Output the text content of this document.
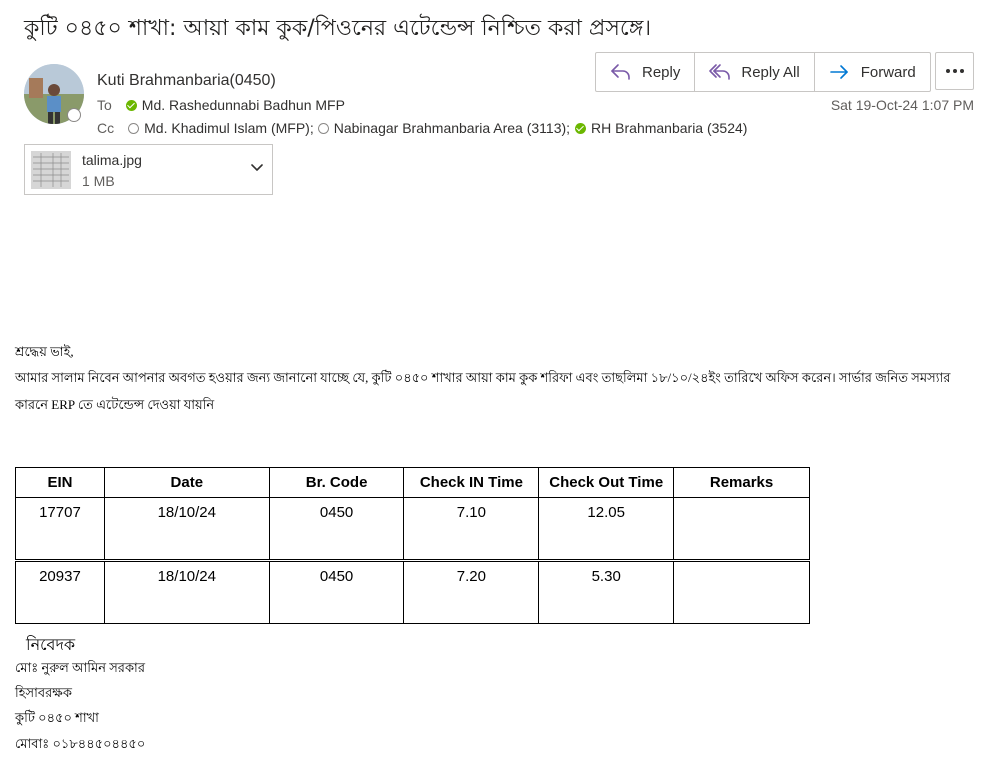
কুটি ০৪৫০ শাখা: আয়া কাম কুক/পিওনের এটেন্ডেন্স নিশ্চিত করা প্রসঙ্গে।
Kuti Brahmanbaria(0450)
To Md. Rashedunnabi Badhun MFP
Cc Md. Khadimul Islam (MFP); Nabinagar Brahmanbaria Area (3113); RH Brahmanbaria (3524)
Reply	Reply All	Forward
Sat 19-Oct-24 1:07 PM
talima.jpg
1 MB
শ্রদ্ধেয় ভাই,
আমার সালাম নিবেন আপনার অবগত হওয়ার জন্য জানানো যাচ্ছে যে, কুটি ০৪৫০ শাখার আয়া কাম কুক শরিফা এবং তাছলিমা ১৮/১০/২৪ইং তারিখে অফিস করেন। সার্ভার জনিত সমস্যার
কারনে ERP তে এটেন্ডেন্স দেওয়া যায়নি
EIN	Date	Br. Code	Check IN Time	Check Out Time	Remarks
17707	18/10/24	0450	7.10	12.05	
20937	18/10/24	0450	7.20	5.30	
নিবেদক
মোঃ নুরুল আমিন সরকার
হিসাবরক্ষক
কুটি ০৪৫০ শাখা
মোবাঃ ০১৮৪৪৫০৪৪৫০
